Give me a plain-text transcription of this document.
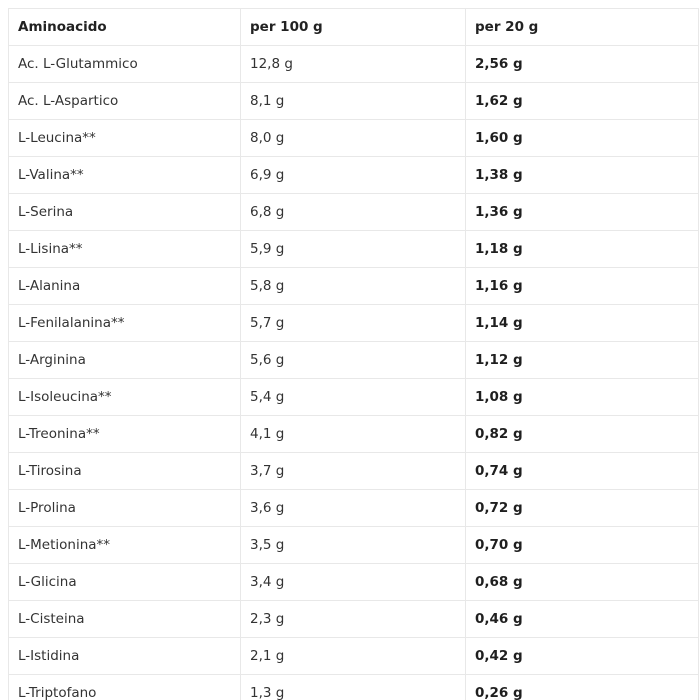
Aminoacido	per 100 g	per 20 g
Ac. L-Glutammico	12,8 g	2,56 g
Ac. L-Aspartico	8,1 g	1,62 g
L-Leucina**	8,0 g	1,60 g
L-Valina**	6,9 g	1,38 g
L-Serina	6,8 g	1,36 g
L-Lisina**	5,9 g	1,18 g
L-Alanina	5,8 g	1,16 g
L-Fenilalanina**	5,7 g	1,14 g
L-Arginina	5,6 g	1,12 g
L-Isoleucina**	5,4 g	1,08 g
L-Treonina**	4,1 g	0,82 g
L-Tirosina	3,7 g	0,74 g
L-Prolina	3,6 g	0,72 g
L-Metionina**	3,5 g	0,70 g
L-Glicina	3,4 g	0,68 g
L-Cisteina	2,3 g	0,46 g
L-Istidina	2,1 g	0,42 g
L-Triptofano	1,3 g	0,26 g
